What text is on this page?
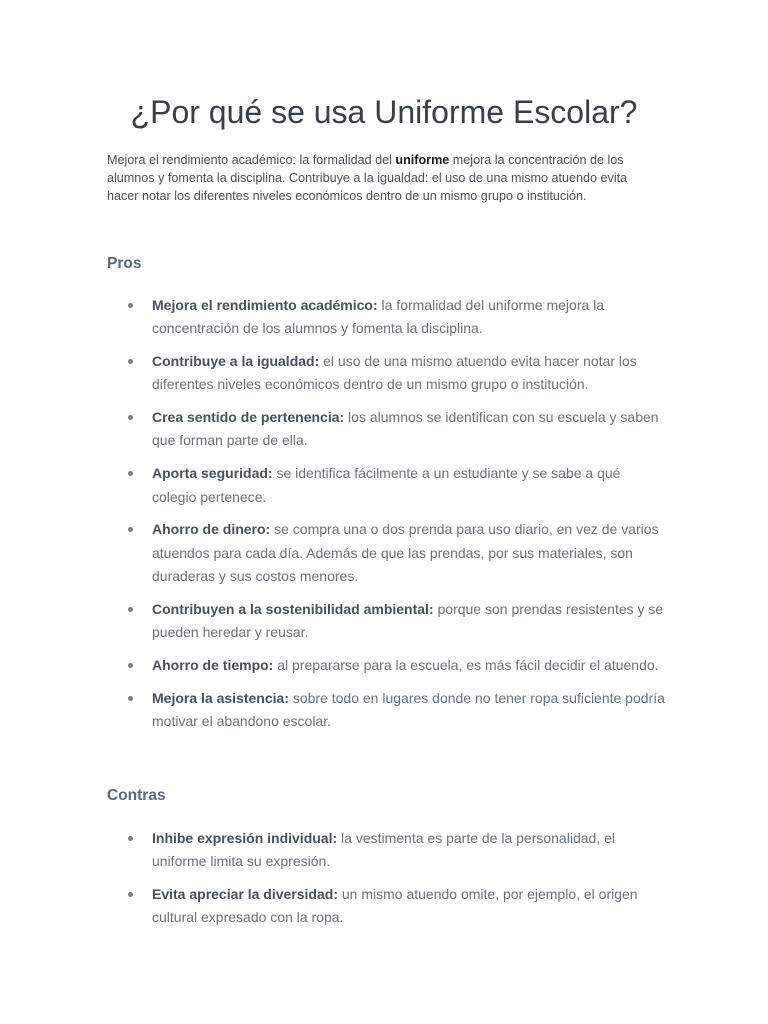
¿Por qué se usa Uniforme Escolar?

Mejora el rendimiento académico: la formalidad del uniforme mejora la concentración de los alumnos y fomenta la disciplina. Contribuye a la igualdad: el uso de una mismo atuendo evita hacer notar los diferentes niveles económicos dentro de un mismo grupo o institución.

Pros
Mejora el rendimiento académico: la formalidad del uniforme mejora la concentración de los alumnos y fomenta la disciplina.
Contribuye a la igualdad: el uso de una mismo atuendo evita hacer notar los diferentes niveles económicos dentro de un mismo grupo o institución.
Crea sentido de pertenencia: los alumnos se identifican con su escuela y saben que forman parte de ella.
Aporta seguridad: se identifica fácilmente a un estudiante y se sabe a qué colegio pertenece.
Ahorro de dinero: se compra una o dos prenda para uso diario, en vez de varios atuendos para cada día. Además de que las prendas, por sus materiales, son duraderas y sus costos menores.
Contribuyen a la sostenibilidad ambiental: porque son prendas resistentes y se pueden heredar y reusar.
Ahorro de tiempo: al prepararse para la escuela, es más fácil decidir el atuendo.
Mejora la asistencia: sobre todo en lugares donde no tener ropa suficiente podría motivar el abandono escolar.
Contras
Inhibe expresión individual: la vestimenta es parte de la personalidad, el uniforme limita su expresión.
Evita apreciar la diversidad: un mismo atuendo omite, por ejemplo, el origen cultural expresado con la ropa.
